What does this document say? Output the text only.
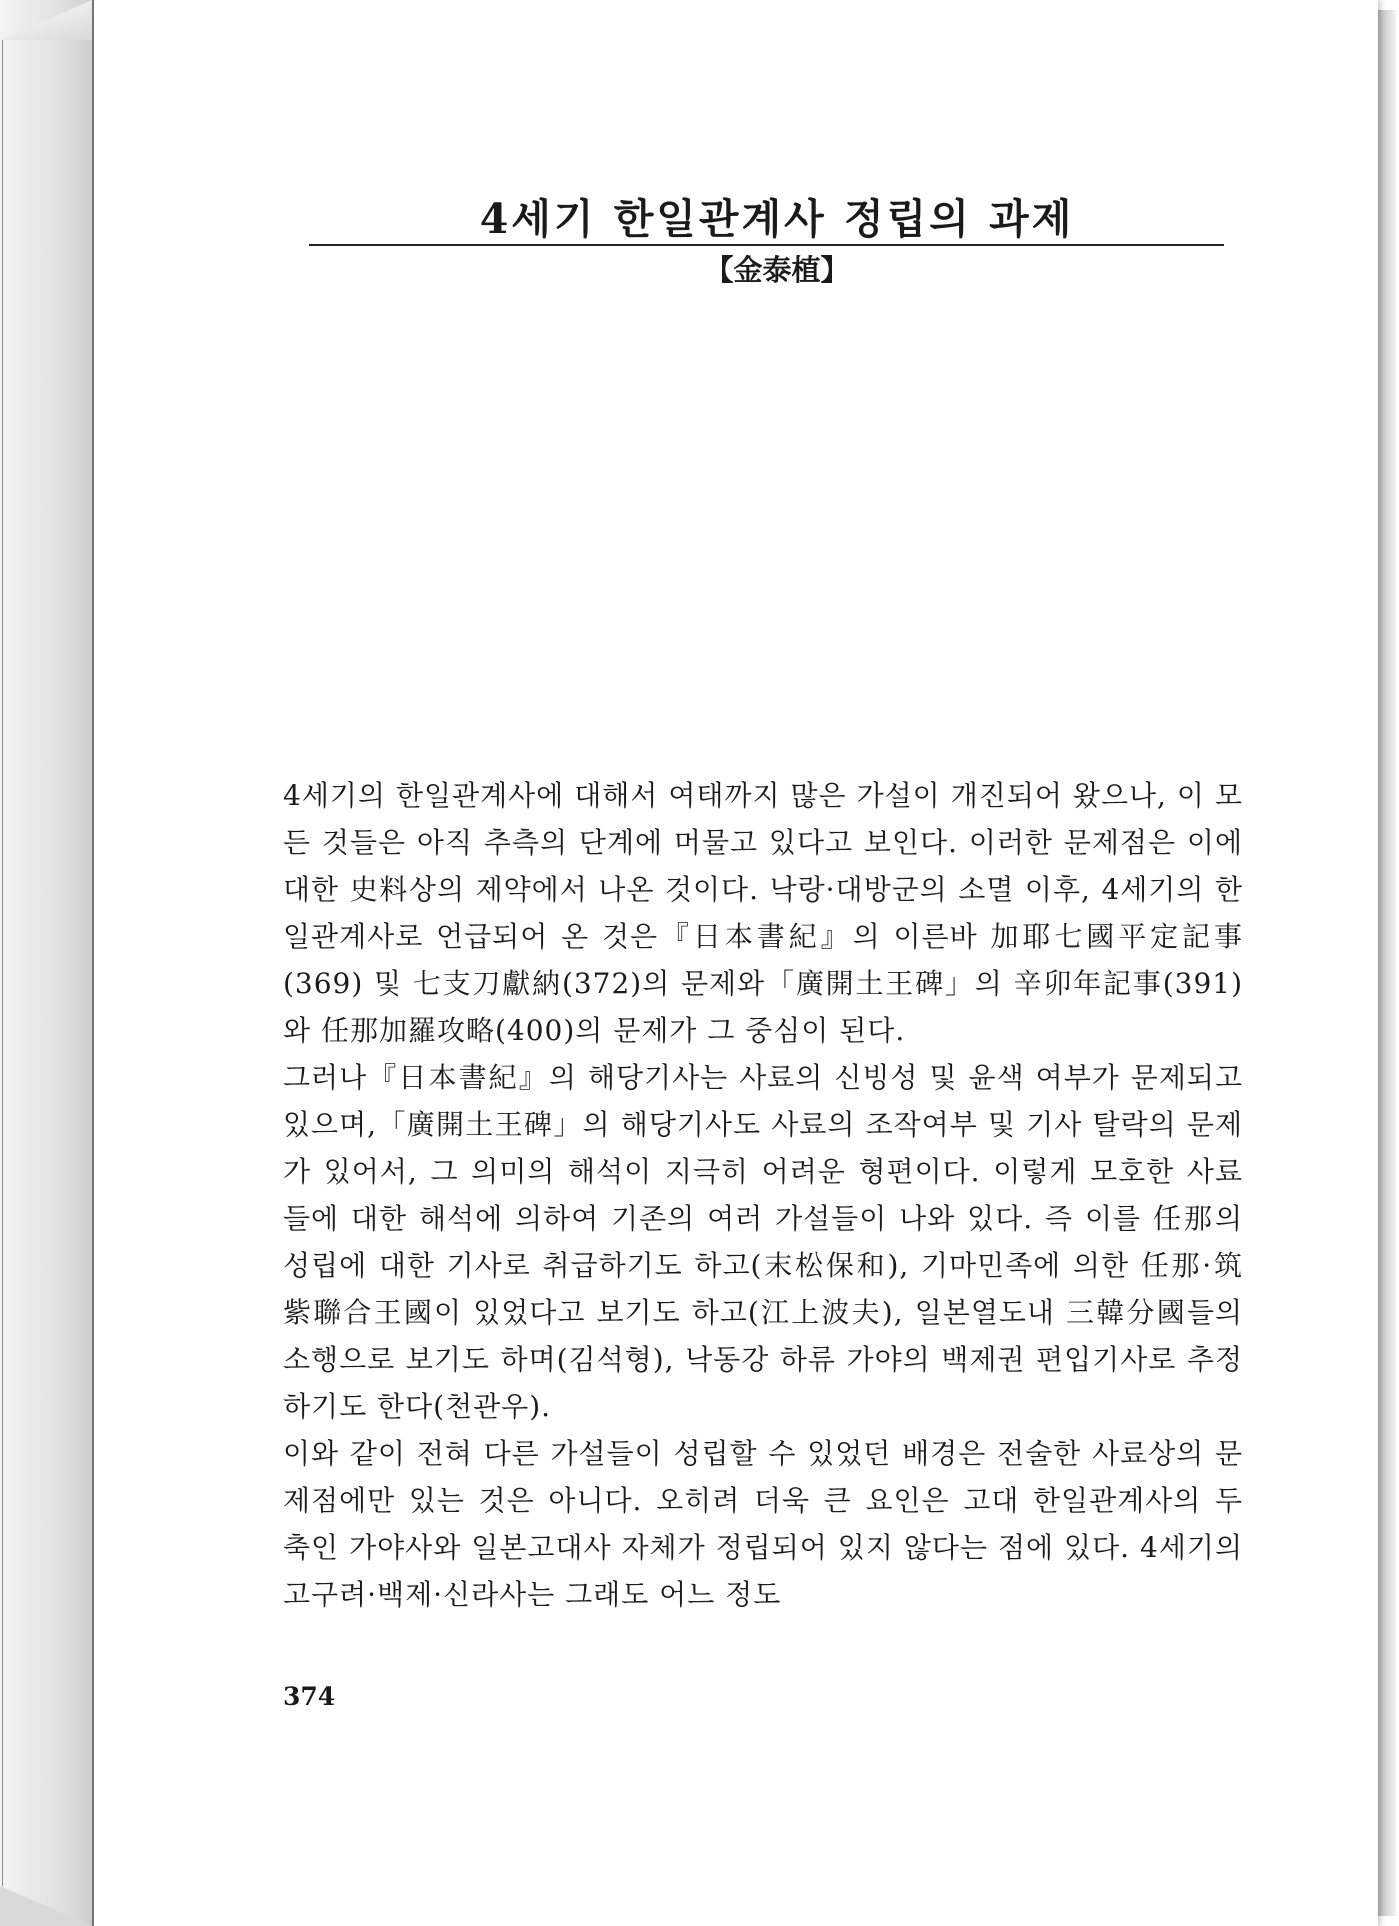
4세기 한일관계사 정립의 과제
【金泰植】

4세기의 한일관계사에 대해서 여태까지 많은 가설이 개진되어 왔으나, 이 모든 것들은 아직 추측의 단계에 머물고 있다고 보인다. 이러한 문제점은 이에 대한 史料상의 제약에서 나온 것이다. 낙랑·대방군의 소멸 이후, 4세기의 한일관계사로 언급되어 온 것은『日本書紀』의 이른바 加耶七國平定記事(369) 및 七支刀獻納(372)의 문제와「廣開土王碑」의 辛卯年記事(391)와 任那加羅攻略(400)의 문제가 그 중심이 된다.

그러나『日本書紀』의 해당기사는 사료의 신빙성 및 윤색 여부가 문제되고 있으며,「廣開土王碑」의 해당기사도 사료의 조작여부 및 기사 탈락의 문제가 있어서, 그 의미의 해석이 지극히 어려운 형편이다. 이렇게 모호한 사료들에 대한 해석에 의하여 기존의 여러 가설들이 나와 있다. 즉 이를 任那의 성립에 대한 기사로 취급하기도 하고(末松保和), 기마민족에 의한 任那·筑紫聯合王國이 있었다고 보기도 하고(江上波夫), 일본열도내 三韓分國들의 소행으로 보기도 하며(김석형), 낙동강 하류 가야의 백제권 편입기사로 추정하기도 한다(천관우).

이와 같이 전혀 다른 가설들이 성립할 수 있었던 배경은 전술한 사료상의 문제점에만 있는 것은 아니다. 오히려 더욱 큰 요인은 고대 한일관계사의 두 축인 가야사와 일본고대사 자체가 정립되어 있지 않다는 점에 있다. 4세기의 고구려·백제·신라사는 그래도 어느 정도

374
